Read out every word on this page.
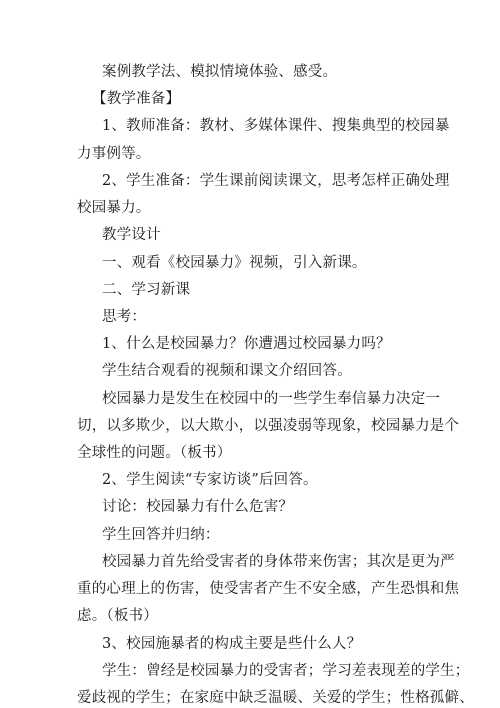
案例教学法、模拟情境体验、感受。
【教学准备】
1、教师准备：教材、多媒体课件、搜集典型的校园暴
力事例等。
2、学生准备：学生课前阅读课文，思考怎样正确处理
校园暴力。
教学设计
一、观看《校园暴力》视频，引入新课。
二、学习新课
思考：
1、什么是校园暴力？你遭遇过校园暴力吗？
学生结合观看的视频和课文介绍回答。
校园暴力是发生在校园中的一些学生奉信暴力决定一
切，以多欺少，以大欺小，以强凌弱等现象，校园暴力是个
全球性的问题。（板书）
2、学生阅读“专家访谈”后回答。
讨论：校园暴力有什么危害？
学生回答并归纳：
校园暴力首先给受害者的身体带来伤害；其次是更为严
重的心理上的伤害，使受害者产生不安全感，产生恐惧和焦
虑。（板书）
3、校园施暴者的构成主要是些什么人？
学生：曾经是校园暴力的受害者；学习差表现差的学生；
爱歧视的学生；在家庭中缺乏温暖、关爱的学生；性格孤僻、
